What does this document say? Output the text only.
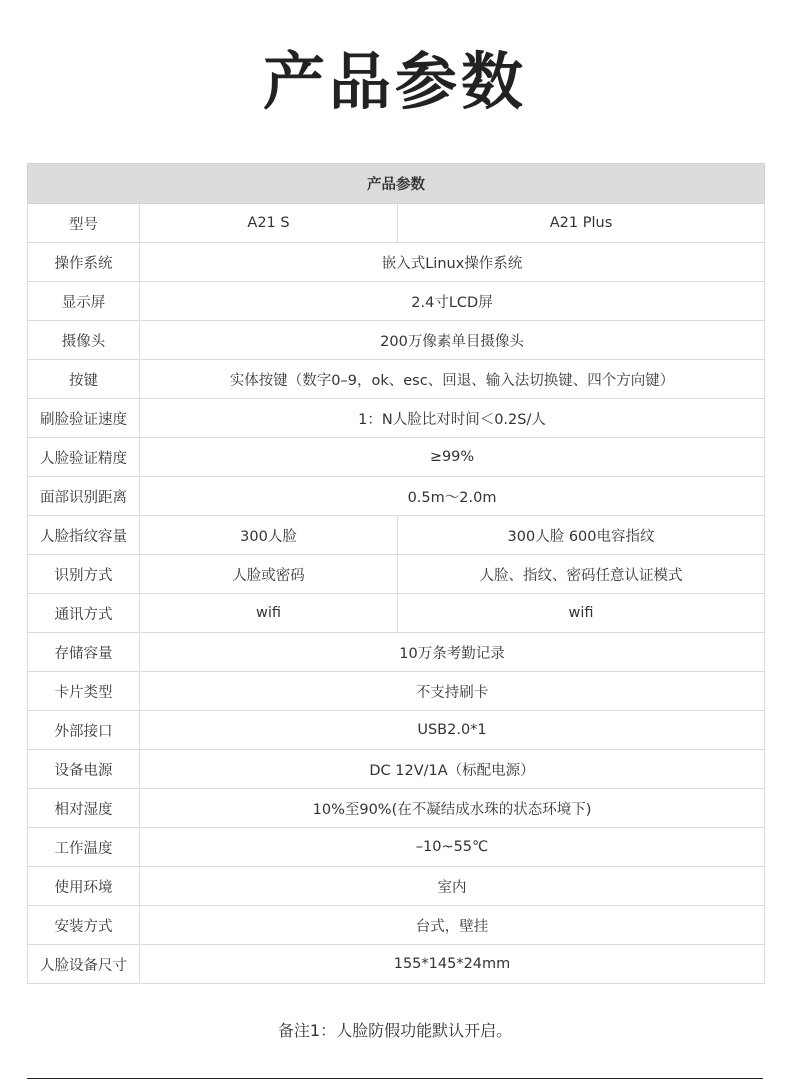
产品参数
产品参数		
型号	A21 S	A21 Plus
操作系统	嵌入式Linux操作系统	
显示屏	2.4寸LCD屏	
摄像头	200万像素单目摄像头	
按键	实体按键（数字0–9，ok、esc、回退、输入法切换键、四个方向键）	
刷脸验证速度	1：N人脸比对时间＜0.2S/人	
人脸验证精度	≥99%	
面部识别距离	0.5m～2.0m	
人脸指纹容量	300人脸	300人脸 600电容指纹
识别方式	人脸或密码	人脸、指纹、密码任意认证模式
通讯方式	wifi	wifi
存储容量	10万条考勤记录	
卡片类型	不支持刷卡	
外部接口	USB2.0*1	
设备电源	DC 12V/1A（标配电源）	
相对湿度	10%至90%(在不凝结成水珠的状态环境下)	
工作温度	–10~55℃	
使用环境	室内	
安装方式	台式，壁挂	
人脸设备尺寸	155*145*24mm	
备注1：人脸防假功能默认开启。
